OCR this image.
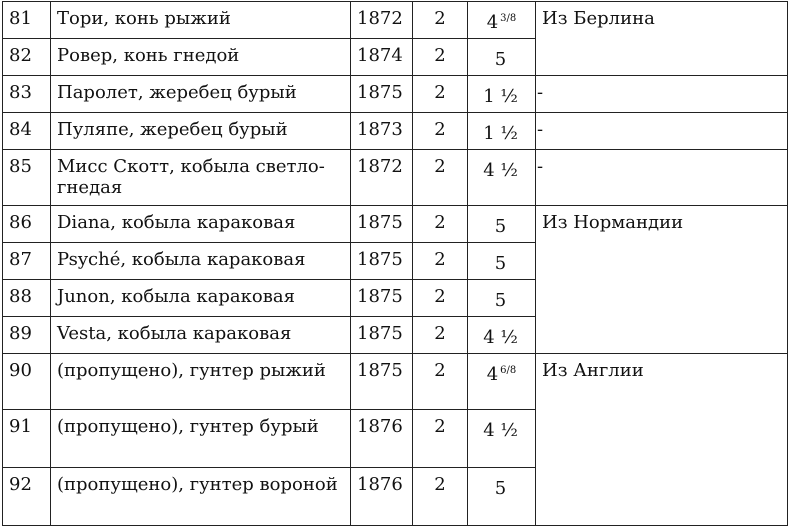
81	Тори, конь рыжий	1872	2	4 $^{3/8}$	Из Берлина
82	Ровер, конь гнедой	1874	2	5	
83	Паролет, жеребец бурый	1875	2	1 ½	-
84	Пуляпе, жеребец бурый	1873	2	1 ½	-
85	Мисс Скотт, кобыла светло-гнедая	1872	2	4 ½	-
86	Diana, кобыла караковая	1875	2	5	Из Нормандии
87	Psyché, кобыла караковая	1875	2	5	
88	Junon, кобыла караковая	1875	2	5	
89	Vesta, кобыла караковая	1875	2	4 ½	
90	(пропущено), гунтер рыжий	1875	2	4 $^{6/8}$	Из Англии
91	(пропущено), гунтер бурый	1876	2	4 ½	
92	(пропущено), гунтер вороной	1876	2	5	
